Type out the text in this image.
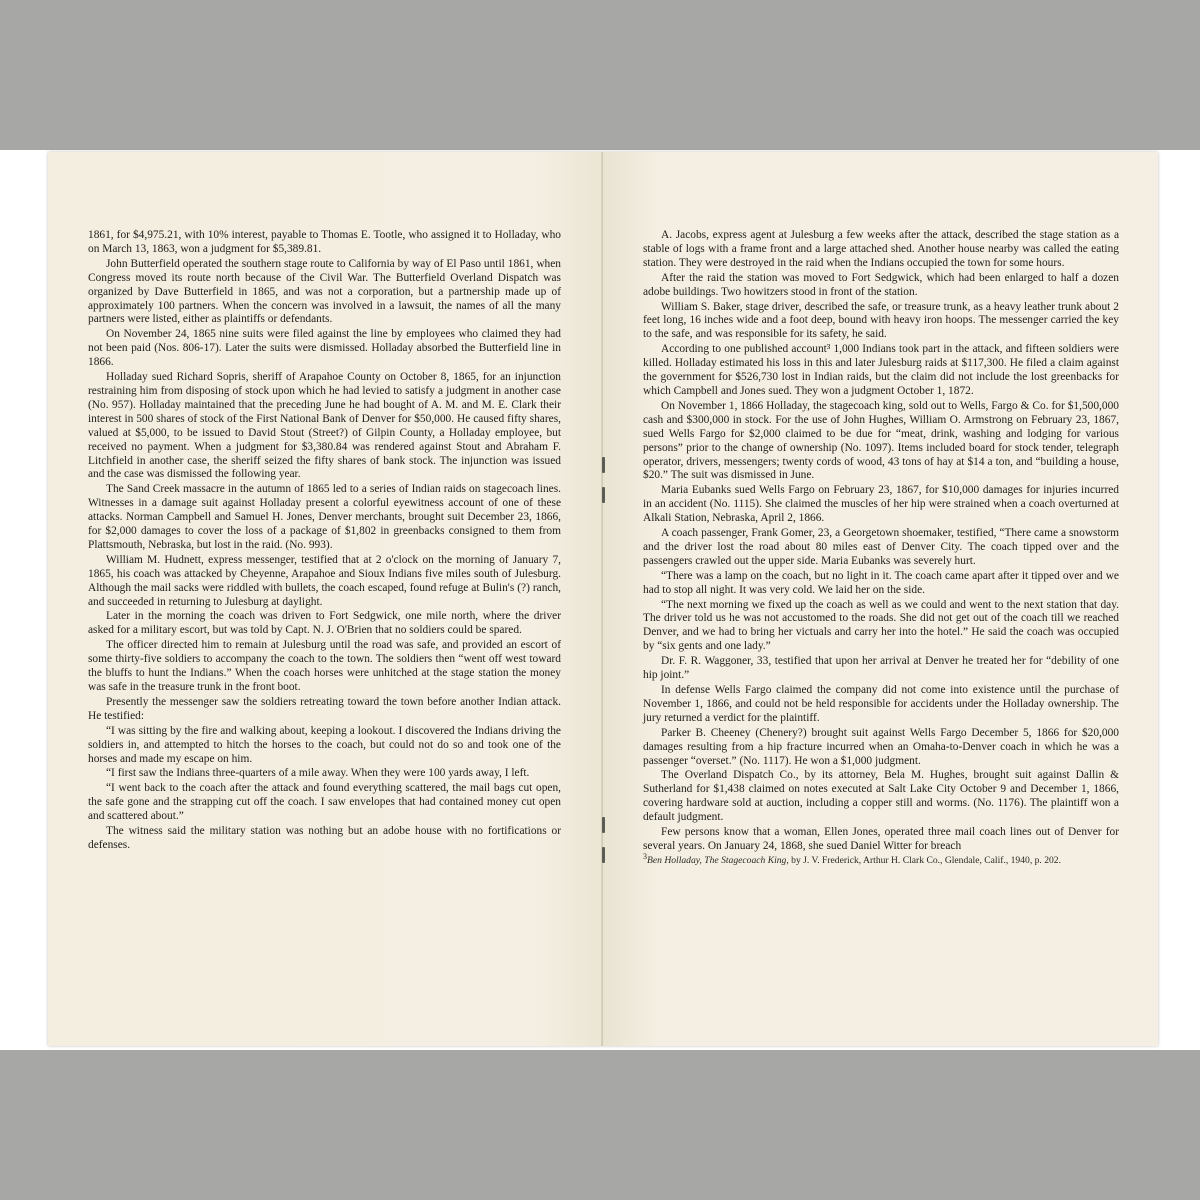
1861, for $4,975.21, with 10% interest, payable to Thomas E. Tootle, who assigned it to Holladay, who on March 13, 1863, won a judgment for $5,389.81.

John Butterfield operated the southern stage route to California by way of El Paso until 1861, when Congress moved its route north because of the Civil War. The Butterfield Overland Dispatch was organized by Dave Butterfield in 1865, and was not a corporation, but a partnership made up of approximately 100 partners. When the concern was involved in a lawsuit, the names of all the many partners were listed, either as plaintiffs or defendants.

On November 24, 1865 nine suits were filed against the line by employees who claimed they had not been paid (Nos. 806-17). Later the suits were dismissed. Holladay absorbed the Butterfield line in 1866.

Holladay sued Richard Sopris, sheriff of Arapahoe County on October 8, 1865, for an injunction restraining him from disposing of stock upon which he had levied to satisfy a judgment in another case (No. 957). Holladay maintained that the preceding June he had bought of A. M. and M. E. Clark their interest in 500 shares of stock of the First National Bank of Denver for $50,000. He caused fifty shares, valued at $5,000, to be issued to David Stout (Street?) of Gilpin County, a Holladay employee, but received no payment. When a judgment for $3,380.84 was rendered against Stout and Abraham F. Litchfield in another case, the sheriff seized the fifty shares of bank stock. The injunction was issued and the case was dismissed the following year.

The Sand Creek massacre in the autumn of 1865 led to a series of Indian raids on stagecoach lines. Witnesses in a damage suit against Holladay present a colorful eyewitness account of one of these attacks. Norman Campbell and Samuel H. Jones, Denver merchants, brought suit December 23, 1866, for $2,000 damages to cover the loss of a package of $1,802 in greenbacks consigned to them from Plattsmouth, Nebraska, but lost in the raid. (No. 993).

William M. Hudnett, express messenger, testified that at 2 o'clock on the morning of January 7, 1865, his coach was attacked by Cheyenne, Arapahoe and Sioux Indians five miles south of Julesburg. Although the mail sacks were riddled with bullets, the coach escaped, found refuge at Bulin's (?) ranch, and succeeded in returning to Julesburg at daylight.

Later in the morning the coach was driven to Fort Sedgwick, one mile north, where the driver asked for a military escort, but was told by Capt. N. J. O'Brien that no soldiers could be spared.

The officer directed him to remain at Julesburg until the road was safe, and provided an escort of some thirty-five soldiers to accompany the coach to the town. The soldiers then “went off west toward the bluffs to hunt the Indians.” When the coach horses were unhitched at the stage station the money was safe in the treasure trunk in the front boot.

Presently the messenger saw the soldiers retreating toward the town before another Indian attack. He testified:

“I was sitting by the fire and walking about, keeping a lookout. I discovered the Indians driving the soldiers in, and attempted to hitch the horses to the coach, but could not do so and took one of the horses and made my escape on him.

“I first saw the Indians three-quarters of a mile away. When they were 100 yards away, I left.

“I went back to the coach after the attack and found everything scattered, the mail bags cut open, the safe gone and the strapping cut off the coach. I saw envelopes that had contained money cut open and scattered about.”

The witness said the military station was nothing but an adobe house with no fortifications or defenses.

A. Jacobs, express agent at Julesburg a few weeks after the attack, described the stage station as a stable of logs with a frame front and a large attached shed. Another house nearby was called the eating station. They were destroyed in the raid when the Indians occupied the town for some hours.

After the raid the station was moved to Fort Sedgwick, which had been enlarged to half a dozen adobe buildings. Two howitzers stood in front of the station.

William S. Baker, stage driver, described the safe, or treasure trunk, as a heavy leather trunk about 2 feet long, 16 inches wide and a foot deep, bound with heavy iron hoops. The messenger carried the key to the safe, and was responsible for its safety, he said.

According to one published account³ 1,000 Indians took part in the attack, and fifteen soldiers were killed. Holladay estimated his loss in this and later Julesburg raids at $117,300. He filed a claim against the government for $526,730 lost in Indian raids, but the claim did not include the lost greenbacks for which Campbell and Jones sued. They won a judgment October 1, 1872.

On November 1, 1866 Holladay, the stagecoach king, sold out to Wells, Fargo & Co. for $1,500,000 cash and $300,000 in stock. For the use of John Hughes, William O. Armstrong on February 23, 1867, sued Wells Fargo for $2,000 claimed to be due for “meat, drink, washing and lodging for various persons” prior to the change of ownership (No. 1097). Items included board for stock tender, telegraph operator, drivers, messengers; twenty cords of wood, 43 tons of hay at $14 a ton, and “building a house, $20.” The suit was dismissed in June.

Maria Eubanks sued Wells Fargo on February 23, 1867, for $10,000 damages for injuries incurred in an accident (No. 1115). She claimed the muscles of her hip were strained when a coach overturned at Alkali Station, Nebraska, April 2, 1866.

A coach passenger, Frank Gomer, 23, a Georgetown shoemaker, testified, “There came a snowstorm and the driver lost the road about 80 miles east of Denver City. The coach tipped over and the passengers crawled out the upper side. Maria Eubanks was severely hurt.

“There was a lamp on the coach, but no light in it. The coach came apart after it tipped over and we had to stop all night. It was very cold. We laid her on the side.

“The next morning we fixed up the coach as well as we could and went to the next station that day. The driver told us he was not accustomed to the roads. She did not get out of the coach till we reached Denver, and we had to bring her victuals and carry her into the hotel.” He said the coach was occupied by “six gents and one lady.”

Dr. F. R. Waggoner, 33, testified that upon her arrival at Denver he treated her for “debility of one hip joint.”

In defense Wells Fargo claimed the company did not come into existence until the purchase of November 1, 1866, and could not be held responsible for accidents under the Holladay ownership. The jury returned a verdict for the plaintiff.

Parker B. Cheeney (Chenery?) brought suit against Wells Fargo December 5, 1866 for $20,000 damages resulting from a hip fracture incurred when an Omaha-to-Denver coach in which he was a passenger “overset.” (No. 1117). He won a $1,000 judgment.

The Overland Dispatch Co., by its attorney, Bela M. Hughes, brought suit against Dallin & Sutherland for $1,438 claimed on notes executed at Salt Lake City October 9 and December 1, 1866, covering hardware sold at auction, including a copper still and worms. (No. 1176). The plaintiff won a default judgment.

Few persons know that a woman, Ellen Jones, operated three mail coach lines out of Denver for several years. On January 24, 1868, she sued Daniel Witter for breach

$^3$Ben Holladay, The Stagecoach King, by J. V. Frederick, Arthur H. Clark Co., Glendale, Calif., 1940, p. 202.
